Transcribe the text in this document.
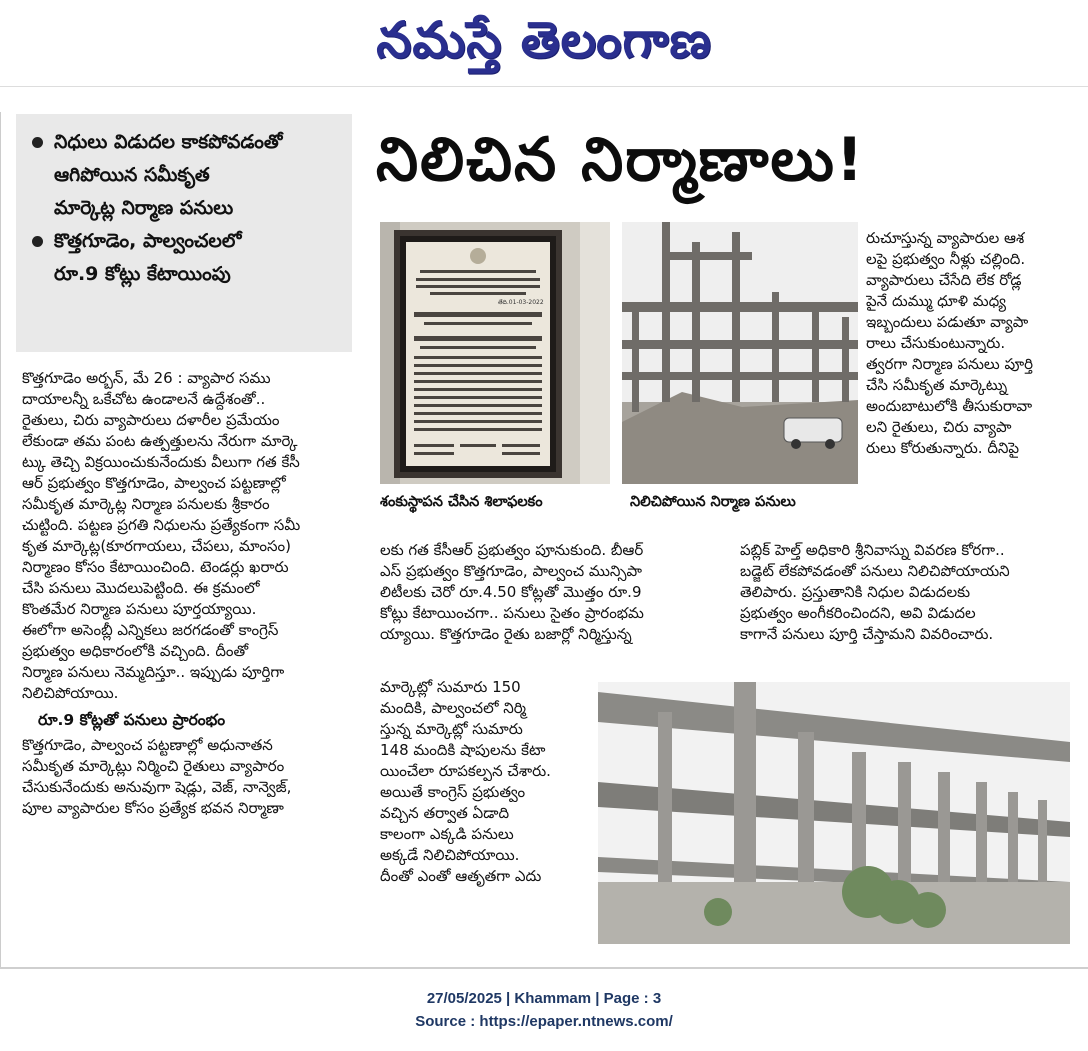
నమస్తే తెలంగాణ
నిధులు విడుదల కాకపోవడంతో
ఆగిపోయిన సమీకృత
మార్కెట్ల నిర్మాణ పనులు
కొత్తగూడెం, పాల్వంచలలో
రూ.9 కోట్లు కేటాయింపు
నిలిచిన నిర్మాణాలు!
కొత్తగూడెం అర్బన్, మే 26 : వ్యాపార సము
దాయాలన్నీ ఒకేచోట ఉండాలనే ఉద్దేశంతో..
రైతులు, చిరు వ్యాపారులు దళారీల ప్రమేయం
లేకుండా తమ పంట ఉత్పత్తులను నేరుగా మార్కె
ట్కు తెచ్చి విక్రయించుకునేందుకు వీలుగా గత కేసీ
ఆర్ ప్రభుత్వం కొత్తగూడెం, పాల్వంచ పట్టణాల్లో
సమీకృత మార్కెట్ల నిర్మాణ పనులకు శ్రీకారం
చుట్టింది. పట్టణ ప్రగతి నిధులను ప్రత్యేకంగా సమీ
కృత మార్కెట్ల(కూరగాయలు, చేపలు, మాంసం)
నిర్మాణం కోసం కేటాయించింది. టెండర్లు ఖరారు
చేసి పనులు మొదలుపెట్టింది. ఈ క్రమంలో
కొంతమేర నిర్మాణ పనులు పూర్తయ్యాయి.
ఈలోగా అసెంబ్లీ ఎన్నికలు జరగడంతో కాంగ్రెస్
ప్రభుత్వం అధికారంలోకి వచ్చింది. దీంతో
నిర్మాణ పనులు నెమ్మదిస్తూ.. ఇప్పుడు పూర్తిగా
నిలిచిపోయాయి.
రూ.9 కోట్లతో పనులు ప్రారంభం
కొత్తగూడెం, పాల్వంచ పట్టణాల్లో అధునాతన
సమీకృత మార్కెట్లు నిర్మించి రైతులు వ్యాపారం
చేసుకునేందుకు అనువుగా షెడ్లు, వెజ్, నాన్వెజ్,
పూల వ్యాపారుల కోసం ప్రత్యేక భవన నిర్మాణా
తేది.01-03-2022
శంకుస్థాపన చేసిన శిలాఫలకం	నిలిచిపోయిన నిర్మాణ పనులు
లకు గత కేసీఆర్ ప్రభుత్వం పూనుకుంది. బీఆర్
ఎస్ ప్రభుత్వం కొత్తగూడెం, పాల్వంచ మున్సిపా
లిటీలకు చెరో రూ.4.50 కోట్లతో మొత్తం రూ.9
కోట్లు కేటాయించగా.. పనులు సైతం ప్రారంభమ
య్యాయి. కొత్తగూడెం రైతు బజార్లో నిర్మిస్తున్న
మార్కెట్లో సుమారు 150
మందికి, పాల్వంచలో నిర్మి
స్తున్న మార్కెట్లో సుమారు
148 మందికి షాపులను కేటా
యించేలా రూపకల్పన చేశారు.
అయితే కాంగ్రెస్ ప్రభుత్వం
వచ్చిన తర్వాత ఏడాది
కాలంగా ఎక్కడి పనులు
అక్కడే నిలిచిపోయాయి.
దీంతో ఎంతో ఆతృతగా ఎదు
రుచూస్తున్న వ్యాపారుల ఆశ
లపై ప్రభుత్వం నీళ్లు చల్లింది.
వ్యాపారులు చేసేది లేక రోడ్ల
పైనే దుమ్ము ధూళి మధ్య
ఇబ్బందులు పడుతూ వ్యాపా
రాలు చేసుకుంటున్నారు.
త్వరగా నిర్మాణ పనులు పూర్తి
చేసి సమీకృత మార్కెట్ను
అందుబాటులోకి తీసుకురావా
లని రైతులు, చిరు వ్యాపా
రులు కోరుతున్నారు. దీనిపై
పబ్లిక్ హెల్త్ అధికారి శ్రీనివాస్ను వివరణ కోరగా..
బడ్జెట్ లేకపోవడంతో పనులు నిలిచిపోయాయని
తెలిపారు. ప్రస్తుతానికి నిధుల విడుదలకు
ప్రభుత్వం అంగీకరించిందని, అవి విడుదల
కాగానే పనులు పూర్తి చేస్తామని వివరించారు.
27/05/2025 | Khammam | Page : 3
Source : https://epaper.ntnews.com/
